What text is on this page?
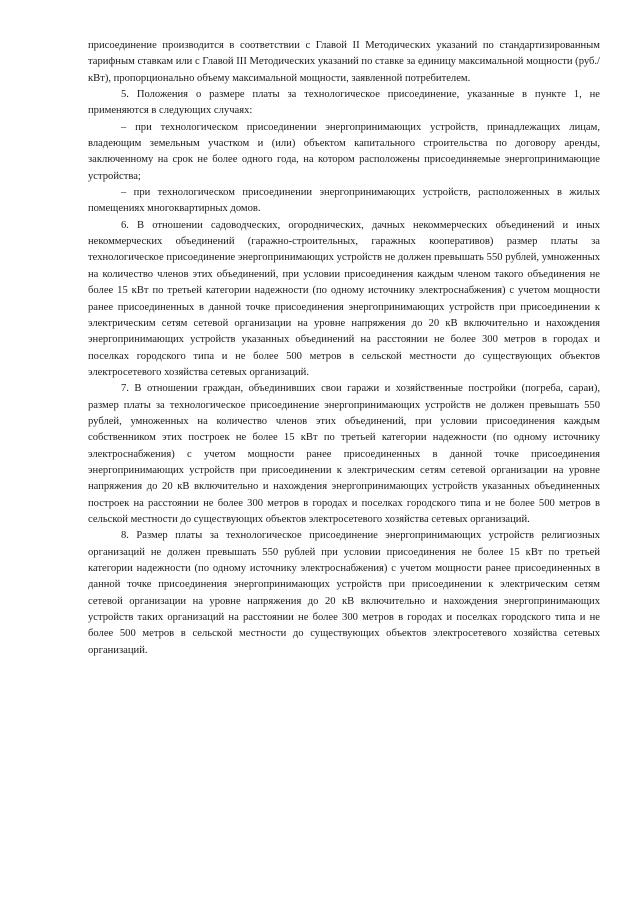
присоединение производится в соответствии с Главой II Методических указаний по стандартизированным тарифным ставкам или с Главой III Методических указаний по ставке за единицу максимальной мощности (руб./ кВт), пропорционально объему максимальной мощности, заявленной потребителем.

5. Положения о размере платы за технологическое присоединение, указанные в пункте 1, не применяются в следующих случаях:

– при технологическом присоединении энергопринимающих устройств, принадлежащих лицам, владеющим земельным участком и (или) объектом капитального строительства по договору аренды, заключенному на срок не более одного года, на котором расположены присоединяемые энергопринимающие устройства;

– при технологическом присоединении энергопринимающих устройств, расположенных в жилых помещениях многоквартирных домов.

6. В отношении садоводческих, огороднических, дачных некоммерческих объединений и иных некоммерческих объединений (гаражно-строительных, гаражных кооперативов) размер платы за технологическое присоединение энергопринимающих устройств не должен превышать 550 рублей, умноженных на количество членов этих объединений, при условии присоединения каждым членом такого объединения не более 15 кВт по третьей категории надежности (по одному источнику электроснабжения) с учетом мощности ранее присоединенных в данной точке присоединения энергопринимающих устройств при присоединении к электрическим сетям сетевой организации на уровне напряжения до 20 кВ включительно и нахождения энергопринимающих устройств указанных объединений на расстоянии не более 300 метров в городах и поселках городского типа и не более 500 метров в сельской местности до существующих объектов электросетевого хозяйства сетевых организаций.

7. В отношении граждан, объединивших свои гаражи и хозяйственные постройки (погреба, сараи), размер платы за технологическое присоединение энергопринимающих устройств не должен превышать 550 рублей, умноженных на количество членов этих объединений, при условии присоединения каждым собственником этих построек не более 15 кВт по третьей категории надежности (по одному источнику электроснабжения) с учетом мощности ранее присоединенных в данной точке присоединения энергопринимающих устройств при присоединении к электрическим сетям сетевой организации на уровне напряжения до 20 кВ включительно и нахождения энергопринимающих устройств указанных объединенных построек на расстоянии не более 300 метров в городах и поселках городского типа и не более 500 метров в сельской местности до существующих объектов электросетевого хозяйства сетевых организаций.

8. Размер платы за технологическое присоединение энергопринимающих устройств религиозных организаций не должен превышать 550 рублей при условии присоединения не более 15 кВт по третьей категории надежности (по одному источнику электроснабжения) с учетом мощности ранее присоединенных в данной точке присоединения энергопринимающих устройств при присоединении к электрическим сетям сетевой организации на уровне напряжения до 20 кВ включительно и нахождения энергопринимающих устройств таких организаций на расстоянии не более 300 метров в городах и поселках городского типа и не более 500 метров в сельской местности до существующих объектов электросетевого хозяйства сетевых организаций.
